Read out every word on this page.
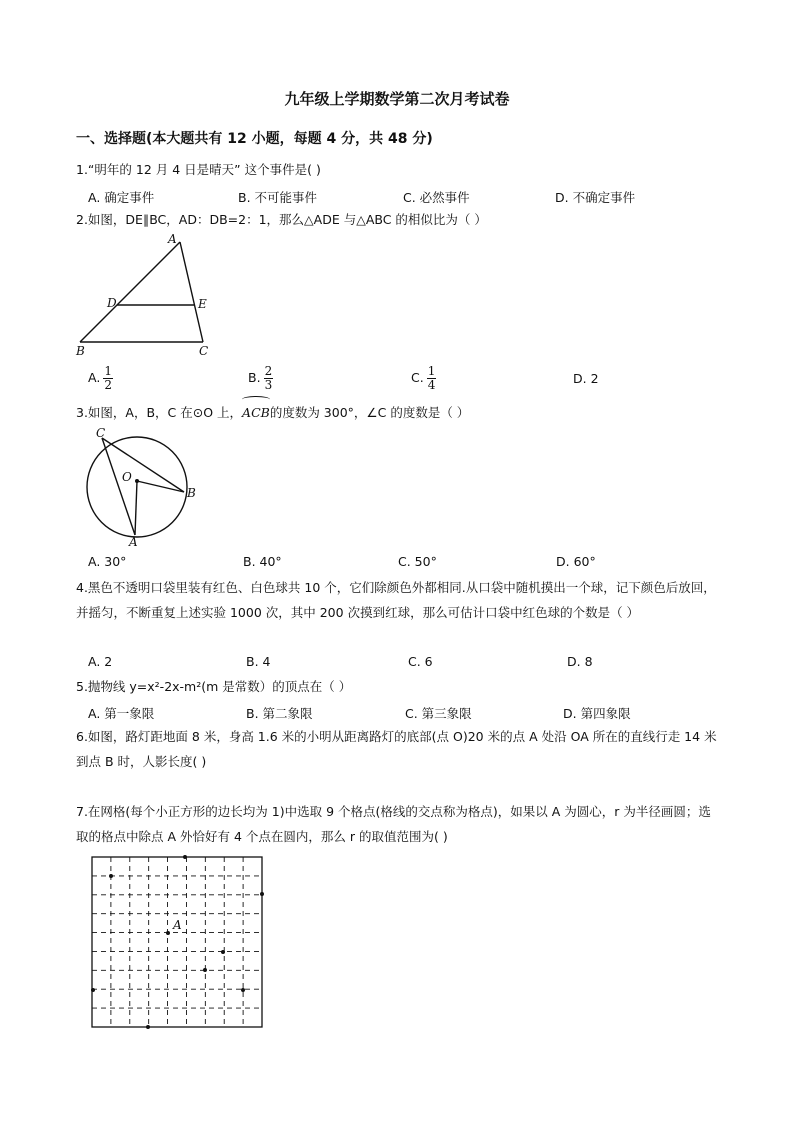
九年级上学期数学第二次月考试卷
一、选择题(本大题共有 12 小题，每题 4 分，共 48 分)
1.“明年的 12 月 4 日是晴天” 这个事件是( )
A. 确定事件	B. 不可能事件	C. 必然事件	D. 不确定事件
2.如图，DE∥BC，AD：DB=2：1，那么△ADE 与△ABC 的相似比为（ ）
A
D	E
B	C
A. $\frac{1}{2}$	B. $\frac{2}{3}$	C. $\frac{1}{4}$	D. 2
3.如图，A，B，C 在⊙O 上，ACB的度数为 300°，∠C 的度数是（ ）
C
O
B
A
A. 30°	B. 40°	C. 50°	D. 60°
4.黑色不透明口袋里装有红色、白色球共 10 个，它们除颜色外都相同.从口袋中随机摸出一个球，记下颜色后放回，并摇匀，不断重复上述实验 1000 次，其中 200 次摸到红球，那么可估计口袋中红色球的个数是（ ）
A. 2	B. 4	C. 6	D. 8
5.抛物线 y=x²-2x-m²(m 是常数）的顶点在（ ）
A. 第一象限	B. 第二象限	C. 第三象限	D. 第四象限
6.如图，路灯距地面 8 米，身高 1.6 米的小明从距离路灯的底部(点 O)20 米的点 A 处沿 OA 所在的直线行走 14 米到点 B 时，人影长度( )
7.在网格(每个小正方形的边长均为 1)中选取 9 个格点(格线的交点称为格点)，如果以 A 为圆心，r 为半径画圆；选取的格点中除点 A 外恰好有 4 个点在圆内，那么 r 的取值范围为( )
A
